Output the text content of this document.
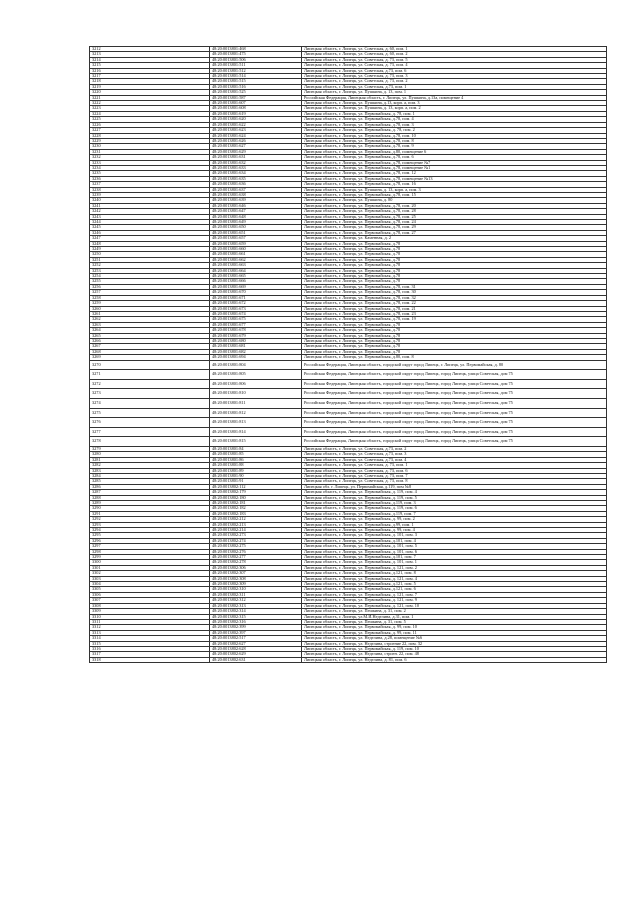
3212	48:20:0013801:468	Липецкая область, г. Липецк, ул. Советская, д. 60, пом. 1
3213	48:20:0013801:475	Липецкая область, г. Липецк, ул. Советская, д. 60, пом. 2
3214	48:20:0013801:506	Липецкая область, г. Липецк, ул. Советская, д. 73, пом. 5
3215	48:20:0013801:511	Липецкая область, г. Липецк, ул. Советская, д. 73, пом. 4
3216	48:20:0013801:512	Липецкая область, г. Липецк, ул. Советская, д.73, пом. 6
3217	48:20:0013801:514	Липецкая область, г. Липецк, ул. Советская, д. 73, пом. 3
3218	48:20:0013801:515	Липецкая область, г. Липецк, ул. Советская, д. 73, пом. 2
3219	48:20:0013801:516	Липецкая область, г. Липецк, ул. Советская, д.73, пом. 1
3220	48:20:0013801:525	Липецкая область, г. Липецк, ул. Пушкина, д. 13, пом. 1
3221	48:20:0013801:587	Российская Федерация, Липецкая область, г. Липецк, ул. Пушкина, д.13а, помещение 4
3222	48:20:0013801:607	Липецкая область, г. Липецк, ул. Пушкина, д.13, корп. а, пом. 3
3223	48:20:0013801:608	Липецкая область, г. Липецк, ул. Пушкина, д. 13, корп. а, пом. 2
3224	48:20:0013801:619	Липецкая область, г. Липецк, ул. Первомайская, д. 78, пом. 1
3225	48:20:0013801:620	Липецкая область, г. Липецк, ул. Первомайская, д.78, пом. 4
3226	48:20:0013801:622	Липецкая область, г. Липецк, ул. Первомайская, д.78, пом. 3
3227	48:20:0013801:623	Липецкая область, г. Липецк, ул. Первомайская, д. 78, пом. 2
3228	48:20:0013801:624	Липецкая область, г. Липецк, ул. Первомайская, д.78, пом. 10
3229	48:20:0013801:626	Липецкая область, г. Липецк, ул. Первомайская, д.78, пом. 8
3230	48:20:0013801:627	Липецкая область, г. Липецк, ул. Первомайская, д.78, пом. 9
3231	48:20:0013801:629	Липецкая область, г. Липецк, ул. Первомайская, д.80, помещение 6
3232	48:20:0013801:631	Липецкая область, г. Липецк, ул. Первомайская, д.78, пом. 6
3233	48:20:0013801:632	Липецкая область, г. Липецк, ул. Первомайская, д.78, помещение №7
3234	48:20:0013801:633	Липецкая область, г. Липецк, ул. Первомайская, д.78, помещение №1
3235	48:20:0013801:634	Липецкая область, г. Липецк, ул. Первомайская, д.78, пом. 12
3236	48:20:0013801:635	Липецкая область, г. Липецк, ул. Первомайская, д.78, помещение №13
3237	48:20:0013801:636	Липецкая область, г. Липецк, ул. Первомайская, д.78, пом. 16
3238	48:20:0013801:637	Липецкая область, г. Липецк, ул. Пушкина, д. 13, корп. а, пом. 3
3239	48:20:0013801:638	Липецкая область, г. Липецк, ул. Первомайская, д.78, пом. 15
3240	48:20:0013801:639	Липецкая область, г. Липецк, ул. Пушкина, д. 80
3241	48:20:0013801:646	Липецкая область, г. Липецк, ул. Первомайская, д.78, пом. 20
3242	48:20:0013801:647	Липецкая область, г. Липецк, ул. Первомайская, д.78, пом. 28
3243	48:20:0013801:648	Липецкая область, г. Липецк, ул. Первомайская, д.78, пом. 25
3244	48:20:0013801:649	Липецкая область, г. Липецк, ул. Первомайская, д.78, пом. 24
3245	48:20:0013801:650	Липецкая область, г. Липецк, ул. Первомайская, д.78, пом. 29
3246	48:20:0013801:651	Липецкая область, г. Липецк, ул. Первомайская, д.78, пом. 27
3247	48:20:0013801:657	Липецкая область, г. Липецк, ул. Каменная, д. 2
3248	48:20:0013801:659	Липецкая область, г. Липецк, ул. Первомайская, д.78
3249	48:20:0013801:660	Липецкая область, г. Липецк, ул. Первомайская, д.78
3250	48:20:0013801:661	Липецкая область, г. Липецк, ул. Первомайская, д.78
3251	48:20:0013801:662	Липецкая область, г. Липецк, ул. Первомайская, д.78
3252	48:20:0013801:663	Липецкая область, г. Липецк, ул. Первомайская, д.78
3253	48:20:0013801:664	Липецкая область, г. Липецк, ул. Первомайская, д.78
3254	48:20:0013801:665	Липецкая область, г. Липецк, ул. Первомайская, д.78
3255	48:20:0013801:666	Липецкая область, г. Липецк, ул. Первомайская, д.78
3256	48:20:0013801:669	Липецкая область, г. Липецк, ул. Первомайская, д.78, пом. 31
3257	48:20:0013801:670	Липецкая область, г. Липецк, ул. Первомайская, д.78, пом. 30
3258	48:20:0013801:671	Липецкая область, г. Липецк, ул. Первомайская, д.78, пом. 32
3259	48:20:0013801:672	Липецкая область, г. Липецк, ул. Первомайская, д.78, пом. 22
3260	48:20:0013801:673	Липецкая область, г. Липецк, ул. Первомайская, д.78, пом. 21
3261	48:20:0013801:674	Липецкая область, г. Липецк, ул. Первомайская, д.78, пом. 23
3262	48:20:0013801:675	Липецкая область, г. Липецк, ул. Первомайская, д.78, пом. 19
3263	48:20:0013801:677	Липецкая область, г. Липецк, ул. Первомайская, д.78
3264	48:20:0013801:678	Липецкая область, г. Липецк, ул. Первомайская, д.78
3265	48:20:0013801:679	Липецкая область, г. Липецк, ул. Первомайская, д.78
3266	48:20:0013801:680	Липецкая область, г. Липецк, ул. Первомайская, д.78
3267	48:20:0013801:681	Липецкая область, г. Липецк, ул. Первомайская, д.78
3268	48:20:0013801:682	Липецкая область, г. Липецк, ул. Первомайская, д.78
3269	48:20:0013801:694	Липецкая область, г. Липецк, ул. Первомайская, д.80, пом. 8
3270	48:20:0013801:804	Российская Федерация, Липецкая область, городской округ город Липецк, г. Липецк, ул. Первомайская, д. 80
3271	48:20:0013801:805	Российская Федерация, Липецкая область, городской округ город Липецк, город Липецк, улица Советская, дом 75
3272	48:20:0013801:806	Российская Федерация, Липецкая область, городской округ город Липецк, город Липецк, улица Советская, дом 75
3273	48:20:0013801:810	Российская Федерация, Липецкая область, городской округ город Липецк, город Липецк, улица Советская, дом 75
3274	48:20:0013801:811	Российская Федерация, Липецкая область, городской округ город Липецк, город Липецк, улица Советская, дом 75
3275	48:20:0013801:812	Российская Федерация, Липецкая область, городской округ город Липецк, город Липецк, улица Советская, дом 75
3276	48:20:0013801:813	Российская Федерация, Липецкая область, городской округ город Липецк, город Липецк, улица Советская, дом 75
3277	48:20:0013801:814	Российская Федерация, Липецкая область, городской округ город Липецк, город Липецк, улица Советская, дом 75
3278	48:20:0013801:815	Российская Федерация, Липецкая область, городской округ город Липецк, город Липецк, улица Советская, дом 75
3279	48:20:0013801:84	Липецкая область, г. Липецк, ул. Советская, д.73, пом. 2
3280	48:20:0013801:85	Липецкая область, г. Липецк, ул. Советская, д.73, пом. 3
3281	48:20:0013801:86	Липецкая область, г. Липецк, ул. Советская, д.73, пом. 4
3282	48:20:0013801:88	Липецкая область, г. Липецк, ул. Советская, д. 73, пом. 1
3283	48:20:0013801:89	Липецкая область, г. Липецк, ул. Советская, д. 73, пом. 6
3284	48:20:0013801:90	Липецкая область, г. Липецк, ул. Советская, д. 73, пом. 7
3285	48:20:0013801:91	Липецкая область, г. Липецк, ул. Советская, д. 73, пом. 8
3286	48:20:0013802:112	Липецкая обл. г. Липецк, ул. Первомайская, д.119, пом №8
3287	48:20:0013802:179	Липецкая область, г. Липецк, ул. Первомайская, д. 119, пом. 4
3288	48:20:0013802:180	Липецкая область, г. Липецк, ул. Первомайская, д. 119, пом. 5
3289	48:20:0013802:181	Липецкая область, г. Липецк, ул. Первомайская, д.119, пом. 3
3290	48:20:0013802:182	Липецкая область, г. Липецк, ул. Первомайская, д. 119, пом. 6
3291	48:20:0013802:183	Липецкая область, г. Липецк, ул. Первомайская, д.119, пом. 7
3292	48:20:0013802:212	Липецкая область, г. Липецк, ул. Первомайская, д. 99, пом. 2
3293	48:20:0013802:213	Липецкая область, г. Липецк, ул. Первомайская, д.99, пом. 1
3294	48:20:0013802:214	Липецкая область, г. Липецк, ул. Первомайская, д. 99, пом. 4
3295	48:20:0013802:273	Липецкая область, г. Липецк, ул. Первомайская, д. 101, пом. 3
3296	48:20:0013802:274	Липецкая область, г. Липецк, ул. Первомайская, д.101, пом. 4
3297	48:20:0013802:275	Липецкая область, г. Липецк, ул. Первомайская, д. 101, пом. 5
3298	48:20:0013802:276	Липецкая область, г. Липецк, ул. Первомайская, д. 101, пом. 6
3299	48:20:0013802:277	Липецкая область, г. Липецк, ул. Первомайская, д.101, пом. 7
3300	48:20:0013802:278	Липецкая область, г. Липецк, ул. Первомайская, д. 101, пом. 1
3301	48:20:0013802:306	Липецкая область, г. Липецк, ул. Первомайская, д. 121, пом. 2
3302	48:20:0013802:307	Липецкая область, г. Липецк, ул. Первомайская, д.121, пом. 8
3303	48:20:0013802:308	Липецкая область, г. Липецк, ул. Первомайская, д. 121, пом. 4
3304	48:20:0013802:309	Липецкая область, г. Липецк, ул. Первомайская, д.121, пом. 5
3305	48:20:0013802:310	Липецкая область, г. Липецк, ул. Первомайская, д.121, пом. 6
3306	48:20:0013802:311	Липецкая область, г. Липецк, ул. Первомайская, д. 121, пом. 7
3307	48:20:0013802:312	Липецкая область, г. Липецк, ул. Первомайская, д. 121, пом. 9
3308	48:20:0013802:313	Липецкая область, г. Липецк, ул. Первомайская, д. 121, пом. 10
3309	48:20:0013802:314	Липецкая область, г. Липецк, ул. Пешкина, д. 31, пом. 2
3310	48:20:0013802:315	Липецкая область, г. Липецк, ул.М.И.Неделина, д.31, пом. 1
3311	48:20:0013802:316	Липецкая область, г. Липецк, ул. Пешкина, д. 31, пом. 5
3312	48:20:0013802:399	Липецкая область, г. Липецк, ул. Первомайская, д. 99, пом. 10
3313	48:20:0013802:397	Липецкая область, г. Липецк, ул. Первомайская, д. 99, пом. 11
3314	48:20:0013802:517	Липецкая область, г. Липецк, ул. Неделина, д.28, помещение №6
3315	48:20:0013802:627	Липецкая область, г. Липецк, ул. Неделина, строение 22, пом. 32
3316	48:20:0013802:628	Липецкая область, г. Липецк, ул. Первомайская, д. 119, пом. 10
3317	48:20:0013802:629	Липецкая область, г. Липецк, ул. Неделина, строен. 22, пом. 48
3318	48:20:0013802:631	Липецкая область, г. Липецк, ул. Неделина, д. 81, пом. 6
